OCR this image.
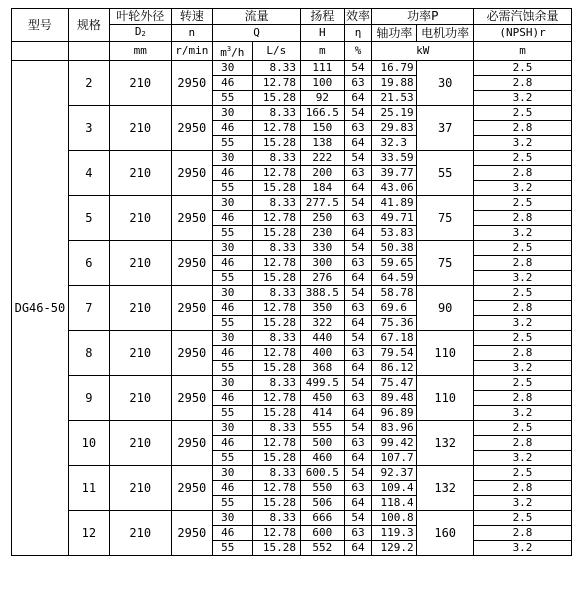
型号	规格	叶轮外径	转速	流量		扬程	效率	功率P		必需汽蚀余量
		D2	n	Q		H	η	轴功率	电机功率	(NPSH)r
		mm	r/min	$m^3/h$	L/s	m	%	kW		m
DG46-50	2	210	2950	30	8.33	111	54	16.79	30	2.5
				46	12.78	100	63	19.88		2.8
				55	15.28	92	64	21.53		3.2
	3	210	2950	30	8.33	166.5	54	25.19	37	2.5
				46	12.78	150	63	29.83		2.8
				55	15.28	138	64	32.3		3.2
	4	210	2950	30	8.33	222	54	33.59	55	2.5
				46	12.78	200	63	39.77		2.8
				55	15.28	184	64	43.06		3.2
	5	210	2950	30	8.33	277.5	54	41.89	75	2.5
				46	12.78	250	63	49.71		2.8
				55	15.28	230	64	53.83		3.2
	6	210	2950	30	8.33	330	54	50.38	75	2.5
				46	12.78	300	63	59.65		2.8
				55	15.28	276	64	64.59		3.2
	7	210	2950	30	8.33	388.5	54	58.78	90	2.5
				46	12.78	350	63	69.6		2.8
				55	15.28	322	64	75.36		3.2
	8	210	2950	30	8.33	440	54	67.18	110	2.5
				46	12.78	400	63	79.54		2.8
				55	15.28	368	64	86.12		3.2
	9	210	2950	30	8.33	499.5	54	75.47	110	2.5
				46	12.78	450	63	89.48		2.8
				55	15.28	414	64	96.89		3.2
	10	210	2950	30	8.33	555	54	83.96	132	2.5
				46	12.78	500	63	99.42		2.8
				55	15.28	460	64	107.7		3.2
	11	210	2950	30	8.33	600.5	54	92.37	132	2.5
				46	12.78	550	63	109.4		2.8
				55	15.28	506	64	118.4		3.2
	12	210	2950	30	8.33	666	54	100.8	160	2.5
				46	12.78	600	63	119.3		2.8
				55	15.28	552	64	129.2		3.2
